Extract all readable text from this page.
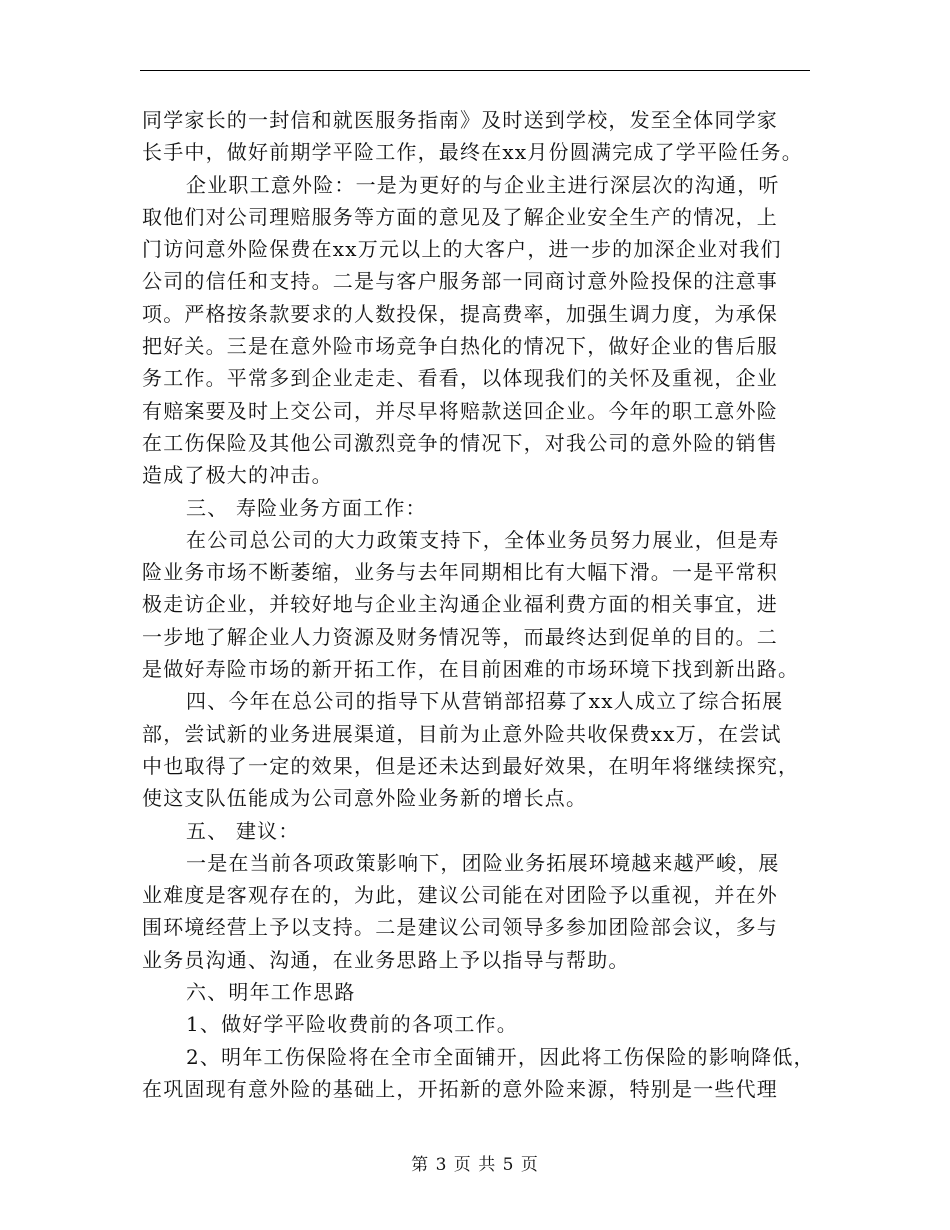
同学家长的一封信和就医服务指南》及时送到学校，发至全体同学家
长手中，做好前期学平险工作，最终在xx月份圆满完成了学平险任务。
企业职工意外险：一是为更好的与企业主进行深层次的沟通，听
取他们对公司理赔服务等方面的意见及了解企业安全生产的情况，上
门访问意外险保费在xx万元以上的大客户，进一步的加深企业对我们
公司的信任和支持。二是与客户服务部一同商讨意外险投保的注意事
项。严格按条款要求的人数投保，提高费率，加强生调力度，为承保
把好关。三是在意外险市场竞争白热化的情况下，做好企业的售后服
务工作。平常多到企业走走、看看，以体现我们的关怀及重视，企业
有赔案要及时上交公司，并尽早将赔款送回企业。今年的职工意外险
在工伤保险及其他公司激烈竞争的情况下，对我公司的意外险的销售
造成了极大的冲击。
三、 寿险业务方面工作：
在公司总公司的大力政策支持下，全体业务员努力展业，但是寿
险业务市场不断萎缩，业务与去年同期相比有大幅下滑。一是平常积
极走访企业，并较好地与企业主沟通企业福利费方面的相关事宜，进
一步地了解企业人力资源及财务情况等，而最终达到促单的目的。二
是做好寿险市场的新开拓工作，在目前困难的市场环境下找到新出路。
四、今年在总公司的指导下从营销部招募了xx人成立了综合拓展
部，尝试新的业务进展渠道，目前为止意外险共收保费xx万，在尝试
中也取得了一定的效果，但是还未达到最好效果，在明年将继续探究，
使这支队伍能成为公司意外险业务新的增长点。
五、 建议：
一是在当前各项政策影响下，团险业务拓展环境越来越严峻，展
业难度是客观存在的，为此，建议公司能在对团险予以重视，并在外
围环境经营上予以支持。二是建议公司领导多参加团险部会议，多与
业务员沟通、沟通，在业务思路上予以指导与帮助。
六、明年工作思路
1、做好学平险收费前的各项工作。
2、明年工伤保险将在全市全面铺开，因此将工伤保险的影响降低，
在巩固现有意外险的基础上，开拓新的意外险来源，特别是一些代理
第 3 页 共 5 页
